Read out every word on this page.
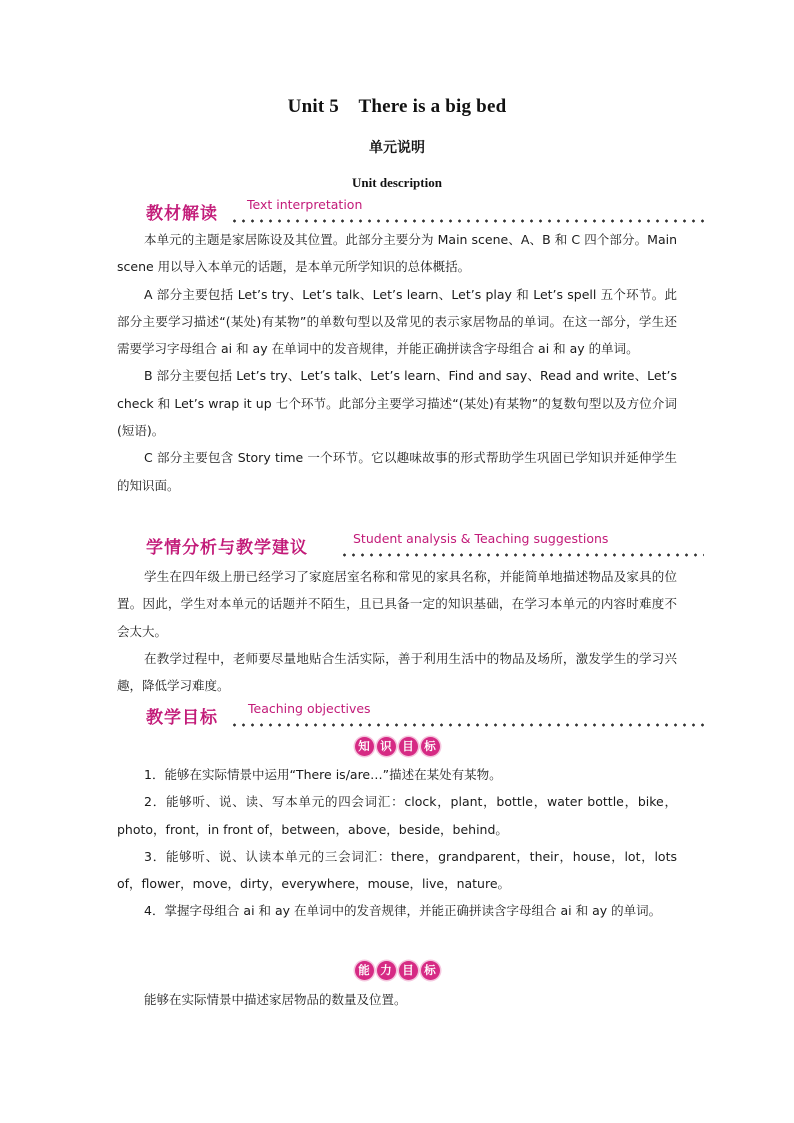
Unit 5    There is a big bed
单元说明
Unit description
教材解读 Text interpretation

本单元的主题是家居陈设及其位置。此部分主要分为 Main scene、A、B 和 C 四个部分。Main scene 用以导入本单元的话题，是本单元所学知识的总体概括。

A 部分主要包括 Let’s try、Let’s talk、Let’s learn、Let’s play 和 Let’s spell 五个环节。此部分主要学习描述“(某处)有某物”的单数句型以及常见的表示家居物品的单词。在这一部分，学生还需要学习字母组合 ai 和 ay 在单词中的发音规律，并能正确拼读含字母组合 ai 和 ay 的单词。

B 部分主要包括 Let’s try、Let’s talk、Let’s learn、Find and say、Read and write、Let’s check 和 Let’s wrap it up 七个环节。此部分主要学习描述“(某处)有某物”的复数句型以及方位介词(短语)。

C 部分主要包含 Story time 一个环节。它以趣味故事的形式帮助学生巩固已学知识并延伸学生的知识面。

学情分析与教学建议	Student analysis & Teaching suggestions

学生在四年级上册已经学习了家庭居室名称和常见的家具名称，并能简单地描述物品及家具的位置。因此，学生对本单元的话题并不陌生，且已具备一定的知识基础，在学习本单元的内容时难度不会太大。

在教学过程中，老师要尽量地贴合生活实际，善于利用生活中的物品及场所，激发学生的学习兴趣，降低学习难度。

教学目标 Teaching objectives
知 识 目 标

1．能够在实际情景中运用“There is/are…”描述在某处有某物。

2．能够听、说、读、写本单元的四会词汇：clock，plant，bottle，water bottle，bike，photo，front，in front of，between，above，beside，behind。

3．能够听、说、认读本单元的三会词汇：there，grandparent，their，house，lot，lots of，flower，move，dirty，everywhere，mouse，live，nature。

4．掌握字母组合 ai 和 ay 在单词中的发音规律，并能正确拼读含字母组合 ai 和 ay 的单词。

能 力 目 标

能够在实际情景中描述家居物品的数量及位置。
